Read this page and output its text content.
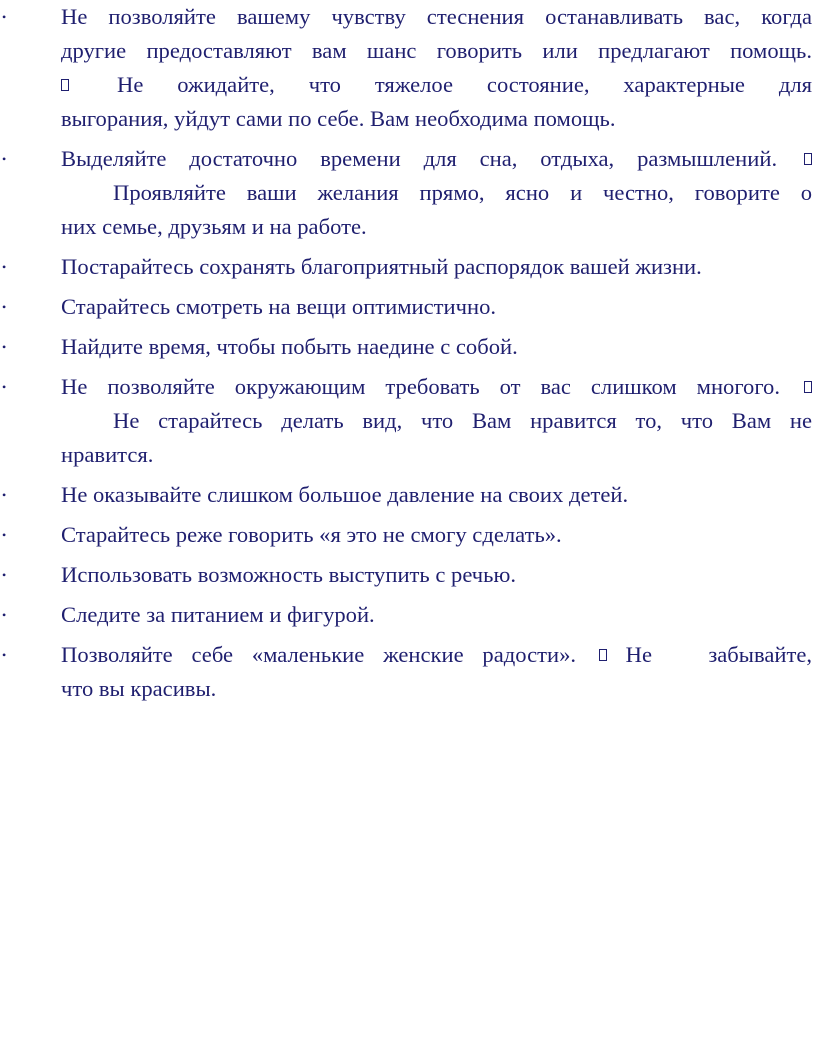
• Не позволяйте вашему чувству стеснения останавливать вас, когда
другие предоставляют вам шанс говорить или предлагают помощь.
Не ожидайте, что тяжелое состояние, характерные для
выгорания, уйдут сами по себе. Вам необходима помощь.
• Выделяйте достаточно времени для сна, отдыха, размышлений.
Проявляйте ваши желания прямо, ясно и честно, говорите о
них семье, друзьям и на работе.
• Постарайтесь сохранять благоприятный распорядок вашей жизни.
• Старайтесь смотреть на вещи оптимистично.
• Найдите время, чтобы побыть наедине с собой.
• Не позволяйте окружающим требовать от вас слишком многого.
Не старайтесь делать вид, что Вам нравится то, что Вам не
нравится.
• Не оказывайте слишком большое давление на своих детей.
• Старайтесь реже говорить «я это не смогу сделать».
• Использовать возможность выступить с речью.
• Следите за питанием и фигурой.
• Позволяйте себе «маленькие женские радости». Не   забывайте,
что вы красивы.
